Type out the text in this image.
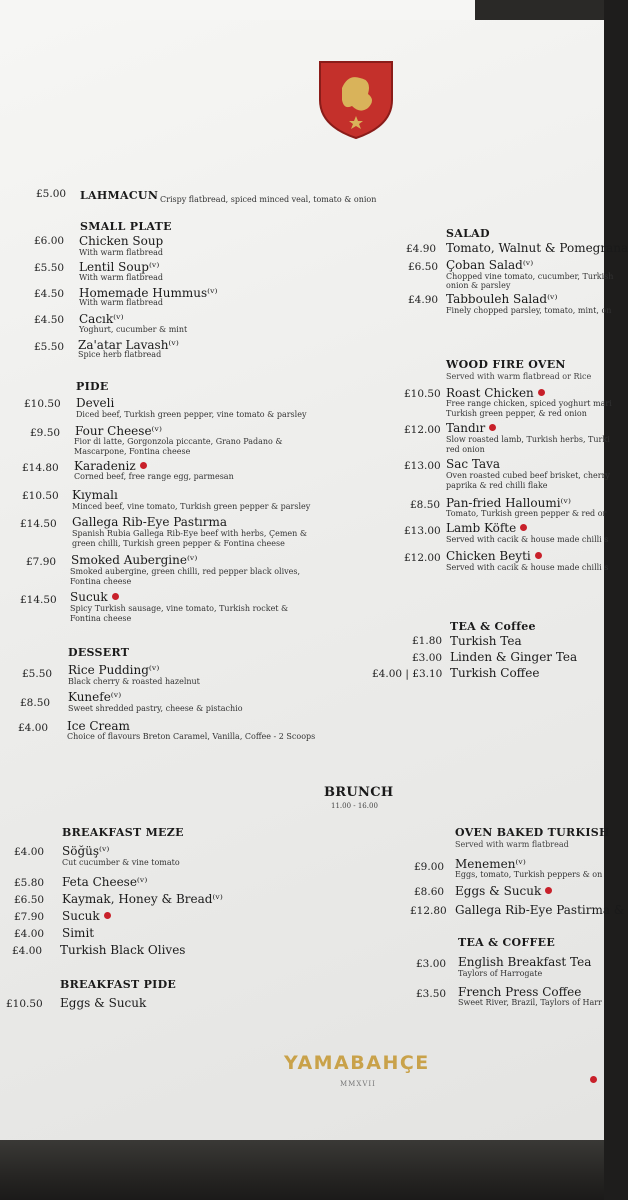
£5.00 LAHMACUN Crispy flatbread, spiced minced veal, tomato & onion
SMALL PLATE
£6.00 Chicken Soup
With warm flatbread
£5.50 Lentil Soup⁽ᵛ⁾
With warm flatbread
£4.50 Homemade Hummus⁽ᵛ⁾
With warm flatbread
£4.50 Cacık⁽ᵛ⁾
Yoghurt, cucumber & mint
£5.50 Za'atar Lavash⁽ᵛ⁾
Spice herb flatbread
PIDE
£10.50 Develi
Diced beef, Turkish green pepper, vine tomato & parsley
£9.50 Four Cheese⁽ᵛ⁾
Fior di latte, Gorgonzola piccante, Grano Padano &
Mascarpone, Fontina cheese
£14.80 Karadeniz
Corned beef, free range egg, parmesan
£10.50 Kıymalı
Minced beef, vine tomato, Turkish green pepper & parsley
£14.50 Gallega Rib-Eye Pastırma
Spanish Rubia Gallega Rib-Eye beef with herbs, Çemen &
green chilli, Turkish green pepper & Fontina cheese
£7.90 Smoked Aubergine⁽ᵛ⁾
Smoked aubergine, green chilli, red pepper black olives,
Fontina cheese
£14.50 Sucuk
Spicy Turkish sausage, vine tomato, Turkish rocket &
Fontina cheese
DESSERT
£5.50 Rice Pudding⁽ᵛ⁾
Black cherry & roasted hazelnut
£8.50 Kunefe⁽ᵛ⁾
Sweet shredded pastry, cheese & pistachio
£4.00 Ice Cream
Choice of flavours Breton Caramel, Vanilla, Coffee - 2 Scoops
SALAD
£4.90 Tomato, Walnut & Pomegrana
£6.50 Çoban Salad⁽ᵛ⁾
Chopped vine tomato, cucumber, Turkish
onion & parsley
£4.90 Tabbouleh Salad⁽ᵛ⁾
Finely chopped parsley, tomato, mint, on
WOOD FIRE OVEN
Served with warm flatbread or Rice
£10.50 Roast Chicken
Free range chicken, spiced yoghurt mari
Turkish green pepper, & red onion
£12.00 Tandır
Slow roasted lamb, Turkish herbs, Turki
red onion
£13.00 Sac Tava
Oven roasted cubed beef brisket, cherry
paprika & red chilli flake
£8.50 Pan-fried Halloumi⁽ᵛ⁾
Tomato, Turkish green pepper & red or
£13.00 Lamb Köfte
Served with cacik & house made chilli s
£12.00 Chicken Beyti
Served with cacik & house made chilli s
TEA & Coffee
£1.80 Turkish Tea
£3.00 Linden & Ginger Tea
£4.00 | £3.10 Turkish Coffee
BRUNCH
11.00 - 16.00
BREAKFAST MEZE
£4.00 Söğüş⁽ᵛ⁾
Cut cucumber & vine tomato
£5.80 Feta Cheese⁽ᵛ⁾
£6.50 Kaymak, Honey & Bread⁽ᵛ⁾
£7.90 Sucuk
£4.00 Simit
£4.00 Turkish Black Olives
BREAKFAST PIDE
£10.50 Eggs & Sucuk
OVEN BAKED TURKISH
Served with warm flatbread
£9.00 Menemen⁽ᵛ⁾
Eggs, tomato, Turkish peppers & on
£8.60 Eggs & Sucuk
£12.80 Gallega Rib-Eye Pastirma &
TEA & COFFEE
£3.00 English Breakfast Tea
Taylors of Harrogate
£3.50 French Press Coffee
Sweet River, Brazil, Taylors of Harr
YAMABAHÇE
MMXVII
